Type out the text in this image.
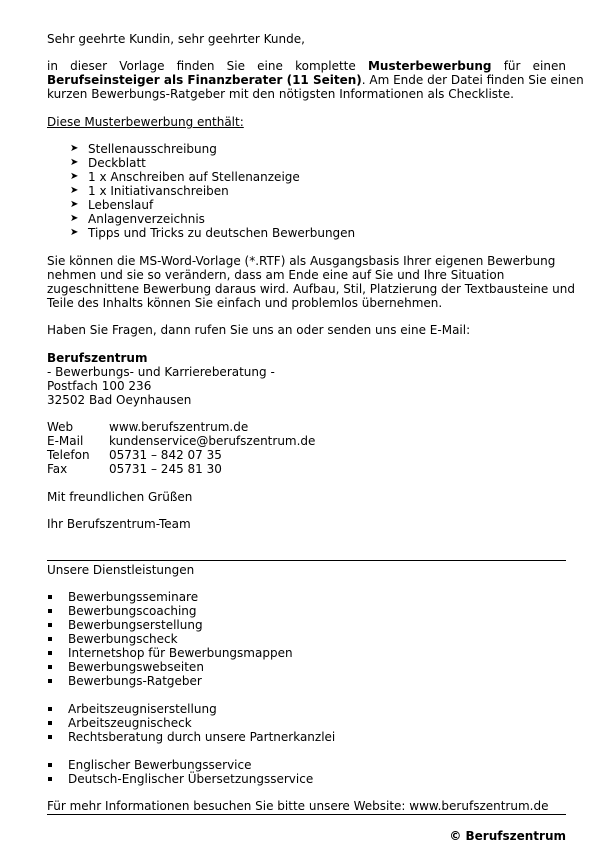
Sehr geehrte Kundin, sehr geehrter Kunde,
in dieser Vorlage finden Sie eine komplette Musterbewerbung für einen
Berufseinsteiger als Finanzberater (11 Seiten). Am Ende der Datei finden Sie einen
kurzen Bewerbungs-Ratgeber mit den nötigsten Informationen als Checkliste.
Diese Musterbewerbung enthält:
➤ Stellenausschreibung
➤ Deckblatt
➤ 1 x Anschreiben auf Stellenanzeige
➤ 1 x Initiativanschreiben
➤ Lebenslauf
➤ Anlagenverzeichnis
➤ Tipps und Tricks zu deutschen Bewerbungen
Sie können die MS-Word-Vorlage (*.RTF) als Ausgangsbasis Ihrer eigenen Bewerbung
nehmen und sie so verändern, dass am Ende eine auf Sie und Ihre Situation
zugeschnittene Bewerbung daraus wird. Aufbau, Stil, Platzierung der Textbausteine und
Teile des Inhalts können Sie einfach und problemlos übernehmen.
Haben Sie Fragen, dann rufen Sie uns an oder senden uns eine E-Mail:
Berufszentrum
- Bewerbungs- und Karriereberatung -
Postfach 100 236
32502 Bad Oeynhausen
Web	www.berufszentrum.de
E-Mail kundenservice@berufszentrum.de
Telefon 05731 – 842 07 35
Fax	05731 – 245 81 30
Mit freundlichen Grüßen
Ihr Berufszentrum-Team
Unsere Dienstleistungen
Bewerbungsseminare
Bewerbungscoaching
Bewerbungserstellung
Bewerbungscheck
Internetshop für Bewerbungsmappen
Bewerbungswebseiten
Bewerbungs-Ratgeber
Arbeitszeugniserstellung
Arbeitszeugnischeck
Rechtsberatung durch unsere Partnerkanzlei
Englischer Bewerbungsservice
Deutsch-Englischer Übersetzungsservice
Für mehr Informationen besuchen Sie bitte unsere Website: www.berufszentrum.de
© Berufszentrum
